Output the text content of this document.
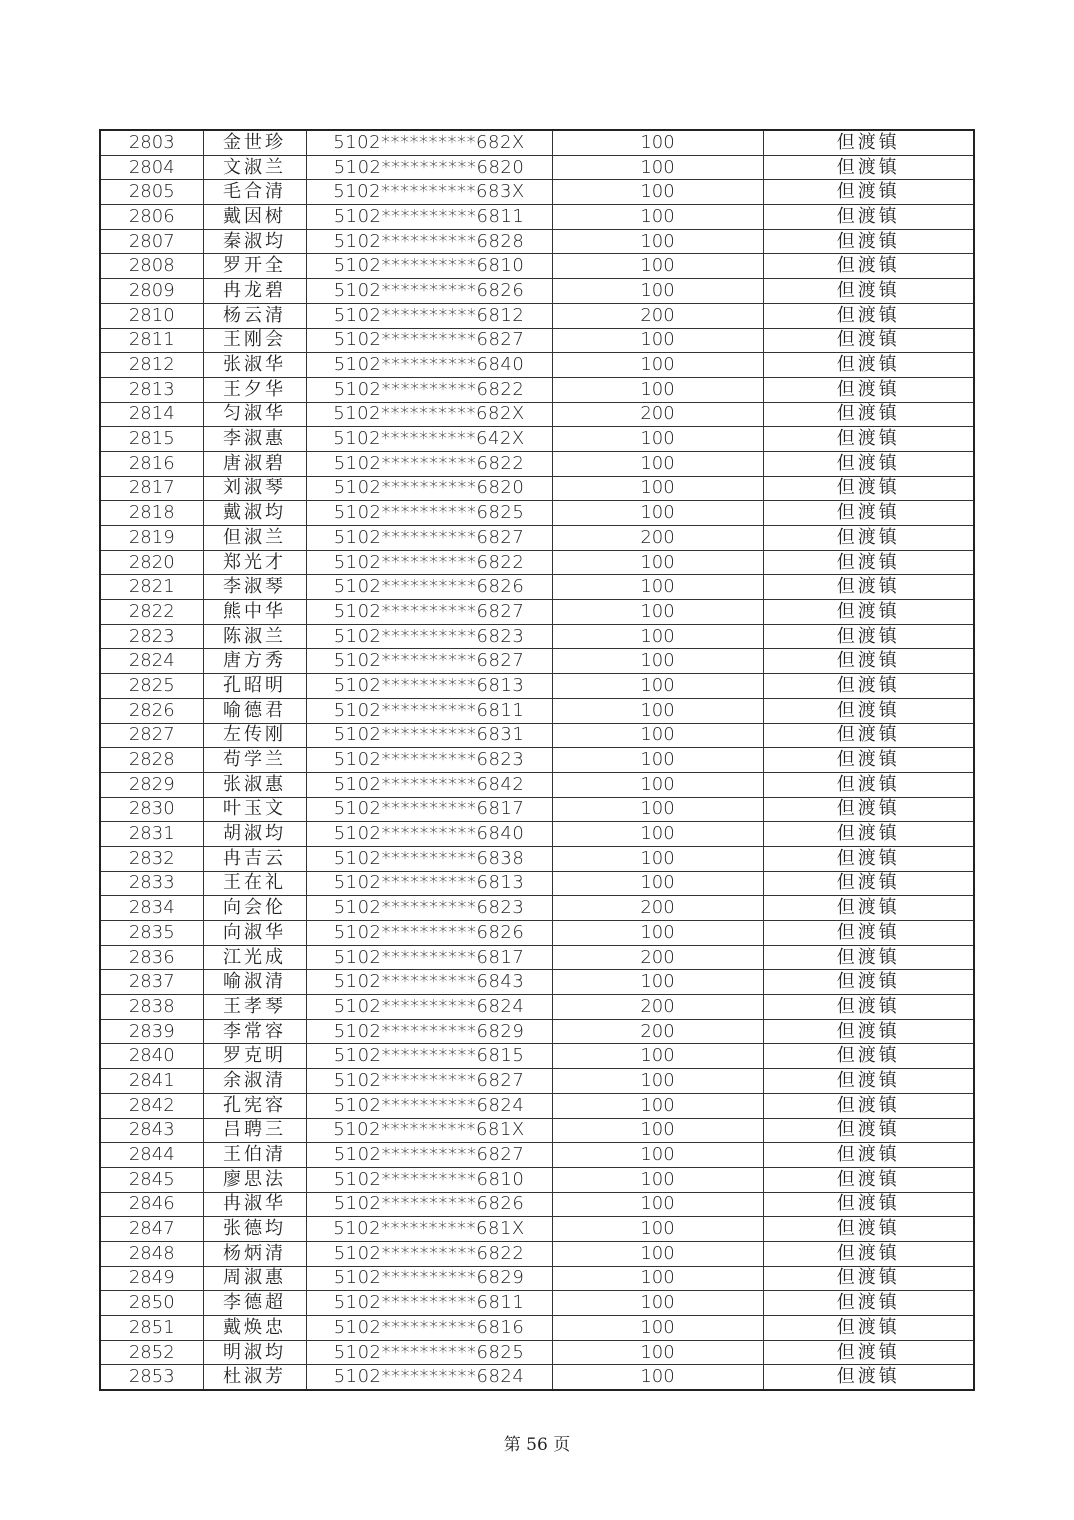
2803	金世珍	5102**********682X	100	但渡镇
2804	文淑兰	5102**********6820	100	但渡镇
2805	毛合清	5102**********683X	100	但渡镇
2806	戴因树	5102**********6811	100	但渡镇
2807	秦淑均	5102**********6828	100	但渡镇
2808	罗开全	5102**********6810	100	但渡镇
2809	冉龙碧	5102**********6826	100	但渡镇
2810	杨云清	5102**********6812	200	但渡镇
2811	王刚会	5102**********6827	100	但渡镇
2812	张淑华	5102**********6840	100	但渡镇
2813	王夕华	5102**********6822	100	但渡镇
2814	匀淑华	5102**********682X	200	但渡镇
2815	李淑惠	5102**********642X	100	但渡镇
2816	唐淑碧	5102**********6822	100	但渡镇
2817	刘淑琴	5102**********6820	100	但渡镇
2818	戴淑均	5102**********6825	100	但渡镇
2819	但淑兰	5102**********6827	200	但渡镇
2820	郑光才	5102**********6822	100	但渡镇
2821	李淑琴	5102**********6826	100	但渡镇
2822	熊中华	5102**********6827	100	但渡镇
2823	陈淑兰	5102**********6823	100	但渡镇
2824	唐方秀	5102**********6827	100	但渡镇
2825	孔昭明	5102**********6813	100	但渡镇
2826	喻德君	5102**********6811	100	但渡镇
2827	左传刚	5102**********6831	100	但渡镇
2828	苟学兰	5102**********6823	100	但渡镇
2829	张淑惠	5102**********6842	100	但渡镇
2830	叶玉文	5102**********6817	100	但渡镇
2831	胡淑均	5102**********6840	100	但渡镇
2832	冉吉云	5102**********6838	100	但渡镇
2833	王在礼	5102**********6813	100	但渡镇
2834	向会伦	5102**********6823	200	但渡镇
2835	向淑华	5102**********6826	100	但渡镇
2836	江光成	5102**********6817	200	但渡镇
2837	喻淑清	5102**********6843	100	但渡镇
2838	王孝琴	5102**********6824	200	但渡镇
2839	李常容	5102**********6829	200	但渡镇
2840	罗克明	5102**********6815	100	但渡镇
2841	余淑清	5102**********6827	100	但渡镇
2842	孔宪容	5102**********6824	100	但渡镇
2843	吕聘三	5102**********681X	100	但渡镇
2844	王伯清	5102**********6827	100	但渡镇
2845	廖思法	5102**********6810	100	但渡镇
2846	冉淑华	5102**********6826	100	但渡镇
2847	张德均	5102**********681X	100	但渡镇
2848	杨炳清	5102**********6822	100	但渡镇
2849	周淑惠	5102**********6829	100	但渡镇
2850	李德超	5102**********6811	100	但渡镇
2851	戴焕忠	5102**********6816	100	但渡镇
2852	明淑均	5102**********6825	100	但渡镇
2853	杜淑芳	5102**********6824	100	但渡镇
第 56 页
